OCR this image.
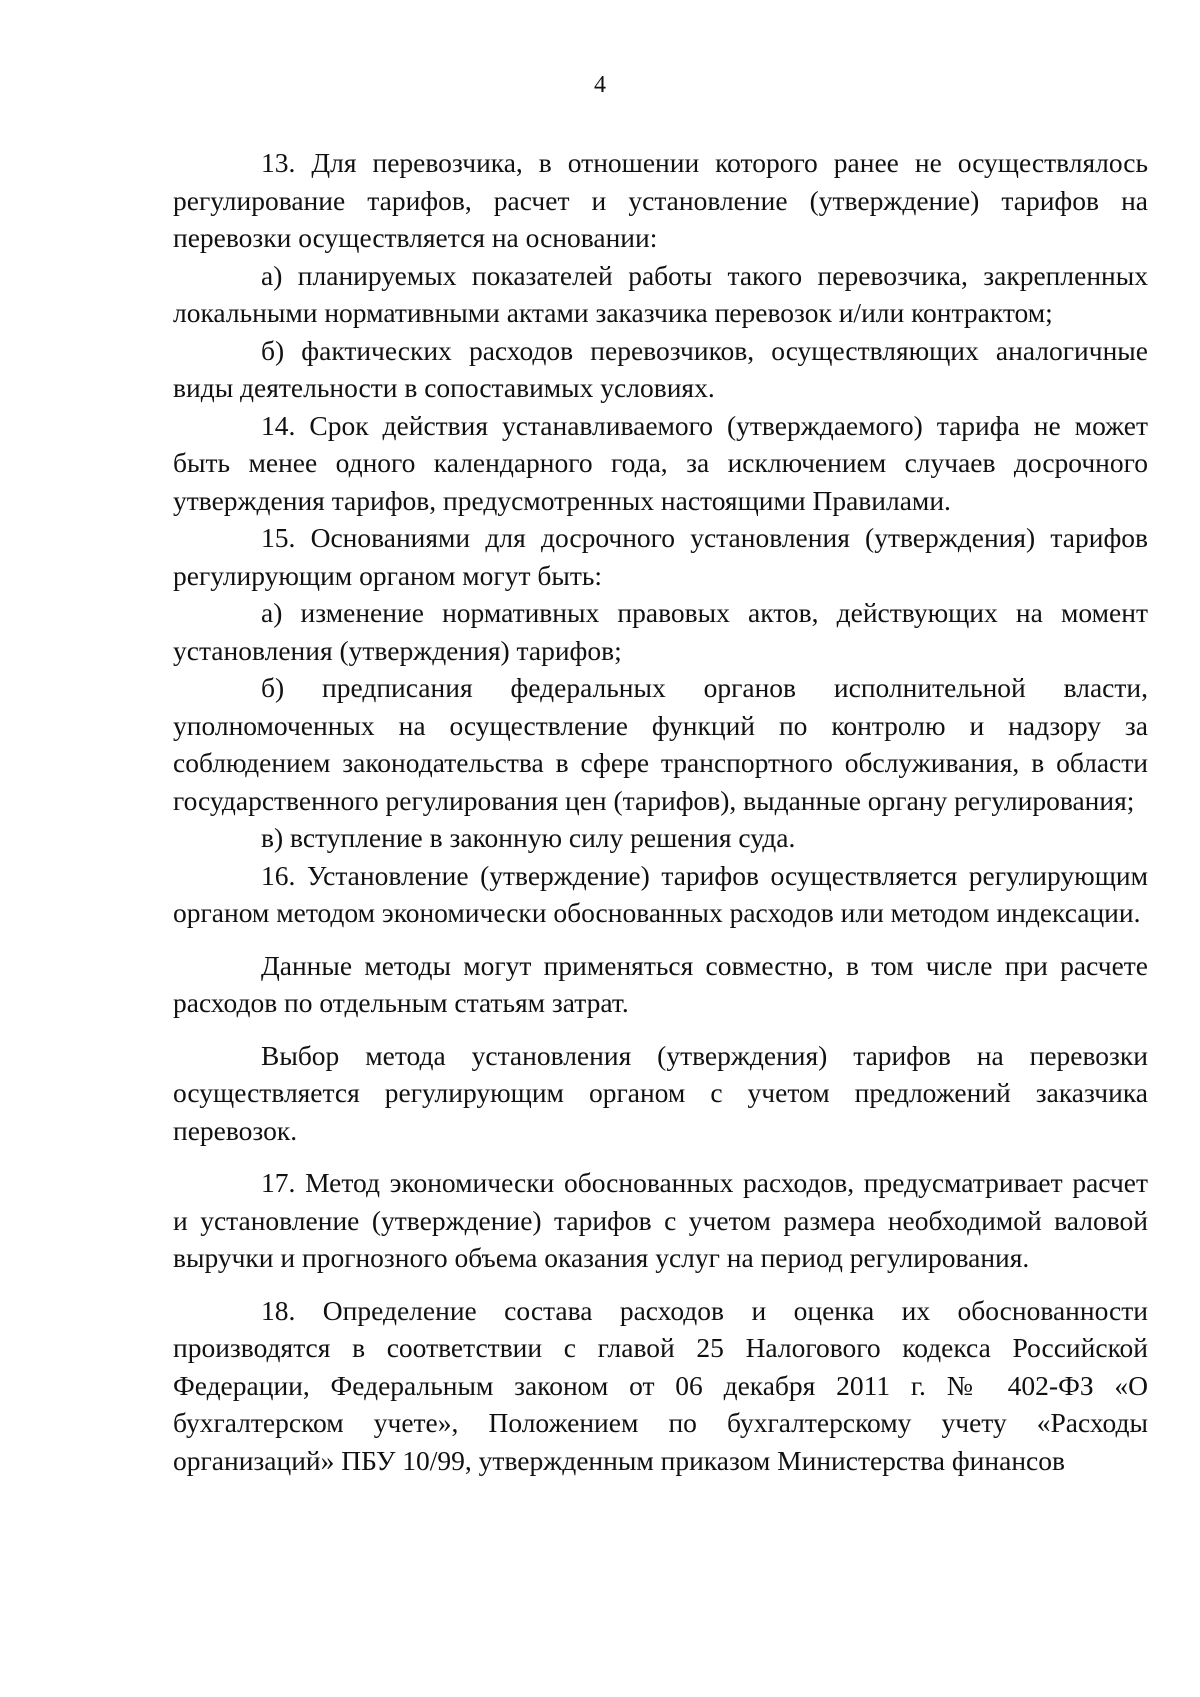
4

13. Для перевозчика, в отношении которого ранее не осуществлялось регулирование тарифов, расчет и установление (утверждение) тарифов на перевозки осуществляется на основании:

а) планируемых показателей работы такого перевозчика, закрепленных локальными нормативными актами заказчика перевозок и/или контрактом;

б) фактических расходов перевозчиков, осуществляющих аналогичные виды деятельности в сопоставимых условиях.

14. Срок действия устанавливаемого (утверждаемого) тарифа не может быть менее одного календарного года, за исключением случаев досрочного утверждения тарифов, предусмотренных настоящими Правилами.

15. Основаниями для досрочного установления (утверждения) тарифов регулирующим органом могут быть:

а) изменение нормативных правовых актов, действующих на момент установления (утверждения) тарифов;

б) предписания федеральных органов исполнительной власти, уполномоченных на осуществление функций по контролю и надзору за соблюдением законодательства в сфере транспортного обслуживания, в области государственного регулирования цен (тарифов), выданные органу регулирования;

в) вступление в законную силу решения суда.

16. Установление (утверждение) тарифов осуществляется регулирующим органом методом экономически обоснованных расходов или методом индексации.

Данные методы могут применяться совместно, в том числе при расчете расходов по отдельным статьям затрат.

Выбор метода установления (утверждения) тарифов на перевозки осуществляется регулирующим органом с учетом предложений заказчика перевозок.

17. Метод экономически обоснованных расходов, предусматривает расчет и установление (утверждение) тарифов с учетом размера необходимой валовой выручки и прогнозного объема оказания услуг на период регулирования.

18. Определение состава расходов и оценка их обоснованности производятся в соответствии с главой 25 Налогового кодекса Российской Федерации, Федеральным законом от 06 декабря 2011 г. № 402-ФЗ «О бухгалтерском учете», Положением по бухгалтерскому учету «Расходы организаций» ПБУ 10/99, утвержденным приказом Министерства финансов
